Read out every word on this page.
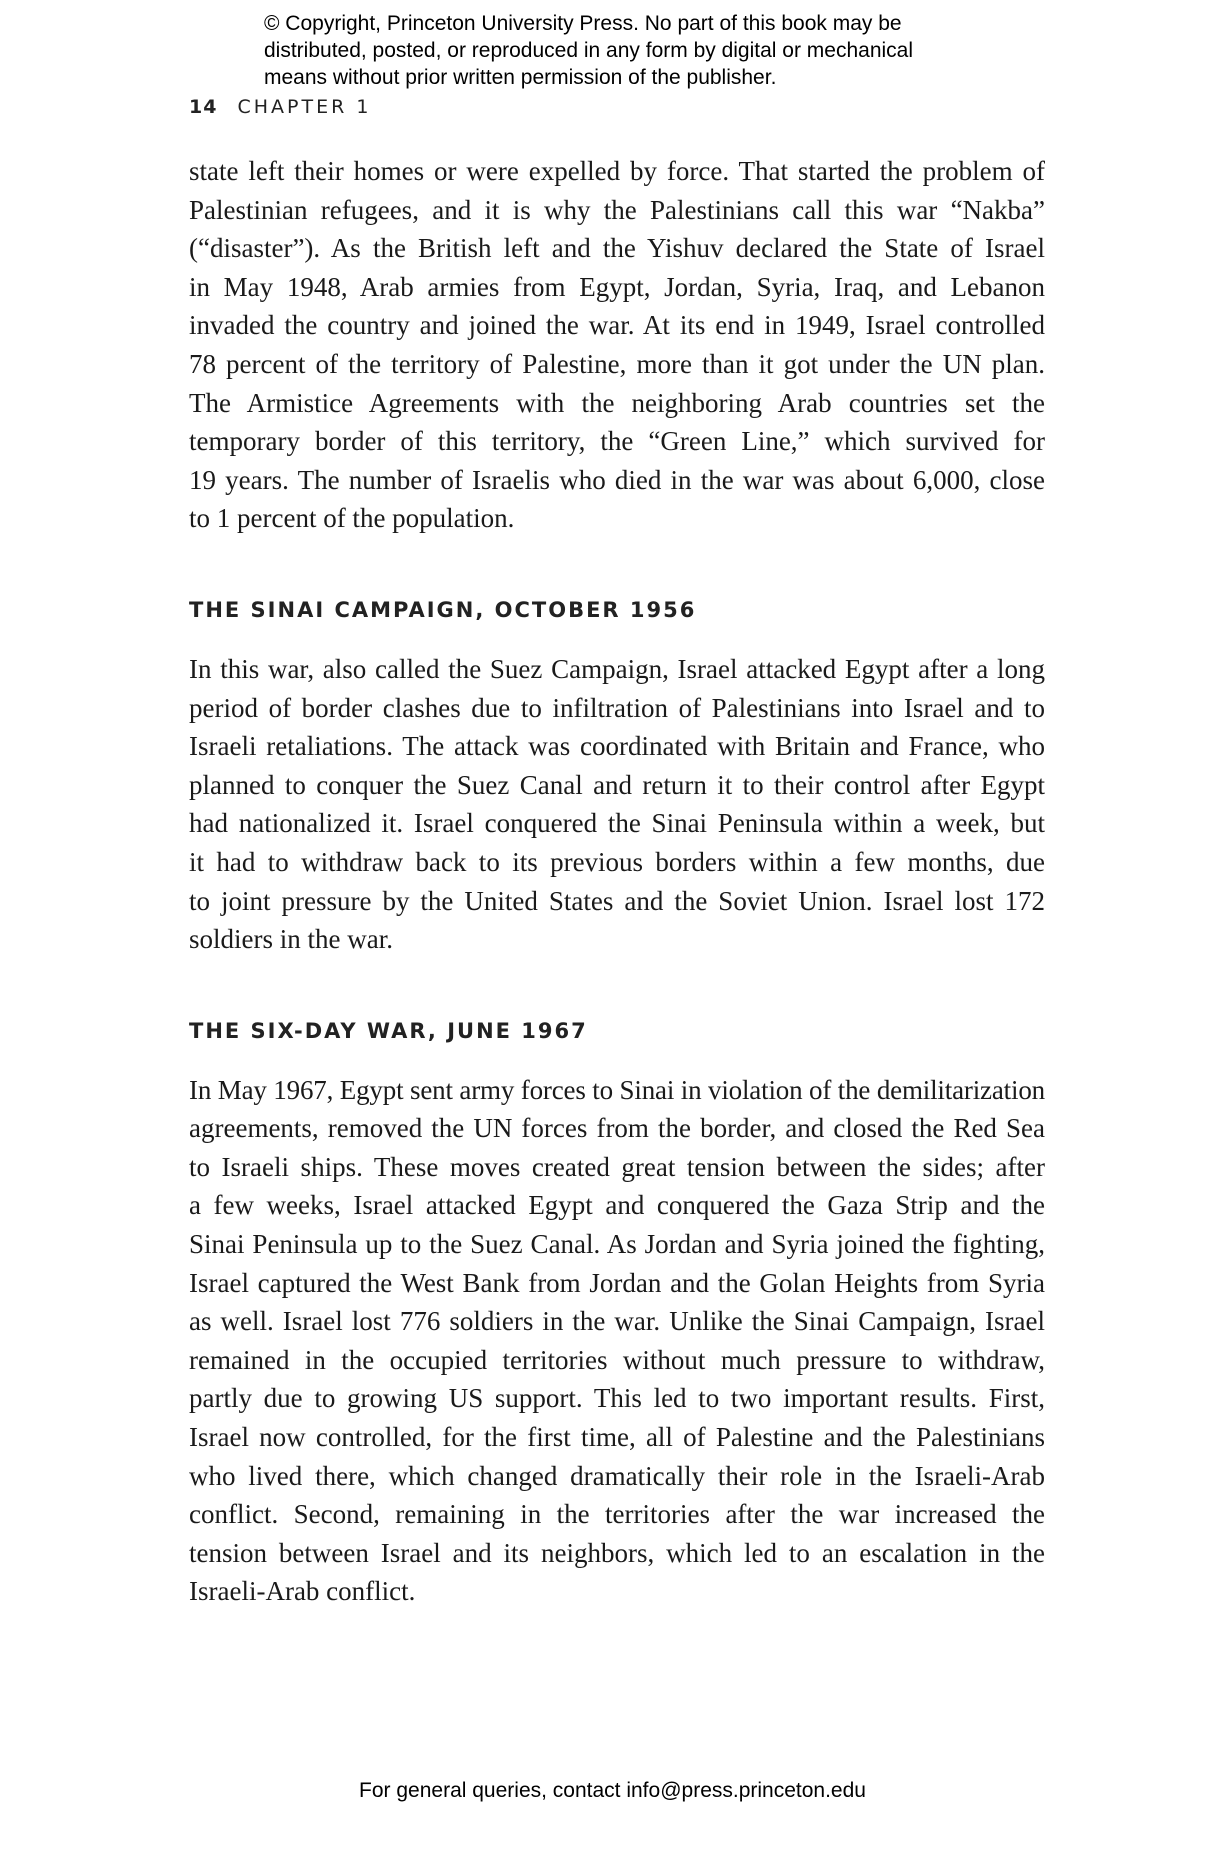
© Copyright, Princeton University Press. No part of this book may be
distributed, posted, or reproduced in any form by digital or mechanical
means without prior written permission of the publisher.
14 CHAPTER 1
state left their homes or were expelled by force. That started the problem of
Palestinian refugees, and it is why the Palestinians call this war “Nakba”
(“disaster”). As the British left and the Yishuv declared the State of Israel
in May 1948, Arab armies from Egypt, Jordan, Syria, Iraq, and Lebanon
invaded the country and joined the war. At its end in 1949, Israel controlled
78 percent of the territory of Palestine, more than it got under the UN plan.
The Armistice Agreements with the neighboring Arab countries set the
temporary border of this territory, the “Green Line,” which survived for
19 years. The number of Israelis who died in the war was about 6,000, close
to 1 percent of the population.
THE SINAI CAMPAIGN, OCTOBER 1956
In this war, also called the Suez Campaign, Israel attacked Egypt after a long
period of border clashes due to infiltration of Palestinians into Israel and to
Israeli retaliations. The attack was coordinated with Britain and France, who
planned to conquer the Suez Canal and return it to their control after Egypt
had nationalized it. Israel conquered the Sinai Peninsula within a week, but
it had to withdraw back to its previous borders within a few months, due
to joint pressure by the United States and the Soviet Union. Israel lost 172
soldiers in the war.
THE SIX-DAY WAR, JUNE 1967
In May 1967, Egypt sent army forces to Sinai in violation of the demilitarization
agreements, removed the UN forces from the border, and closed the Red Sea
to Israeli ships. These moves created great tension between the sides; after
a few weeks, Israel attacked Egypt and conquered the Gaza Strip and the
Sinai Peninsula up to the Suez Canal. As Jordan and Syria joined the fighting,
Israel captured the West Bank from Jordan and the Golan Heights from Syria
as well. Israel lost 776 soldiers in the war. Unlike the Sinai Campaign, Israel
remained in the occupied territories without much pressure to withdraw,
partly due to growing US support. This led to two important results. First,
Israel now controlled, for the first time, all of Palestine and the Palestinians
who lived there, which changed dramatically their role in the Israeli-Arab
conflict. Second, remaining in the territories after the war increased the
tension between Israel and its neighbors, which led to an escalation in the
Israeli-Arab conflict.
For general queries, contact info@press.princeton.edu
